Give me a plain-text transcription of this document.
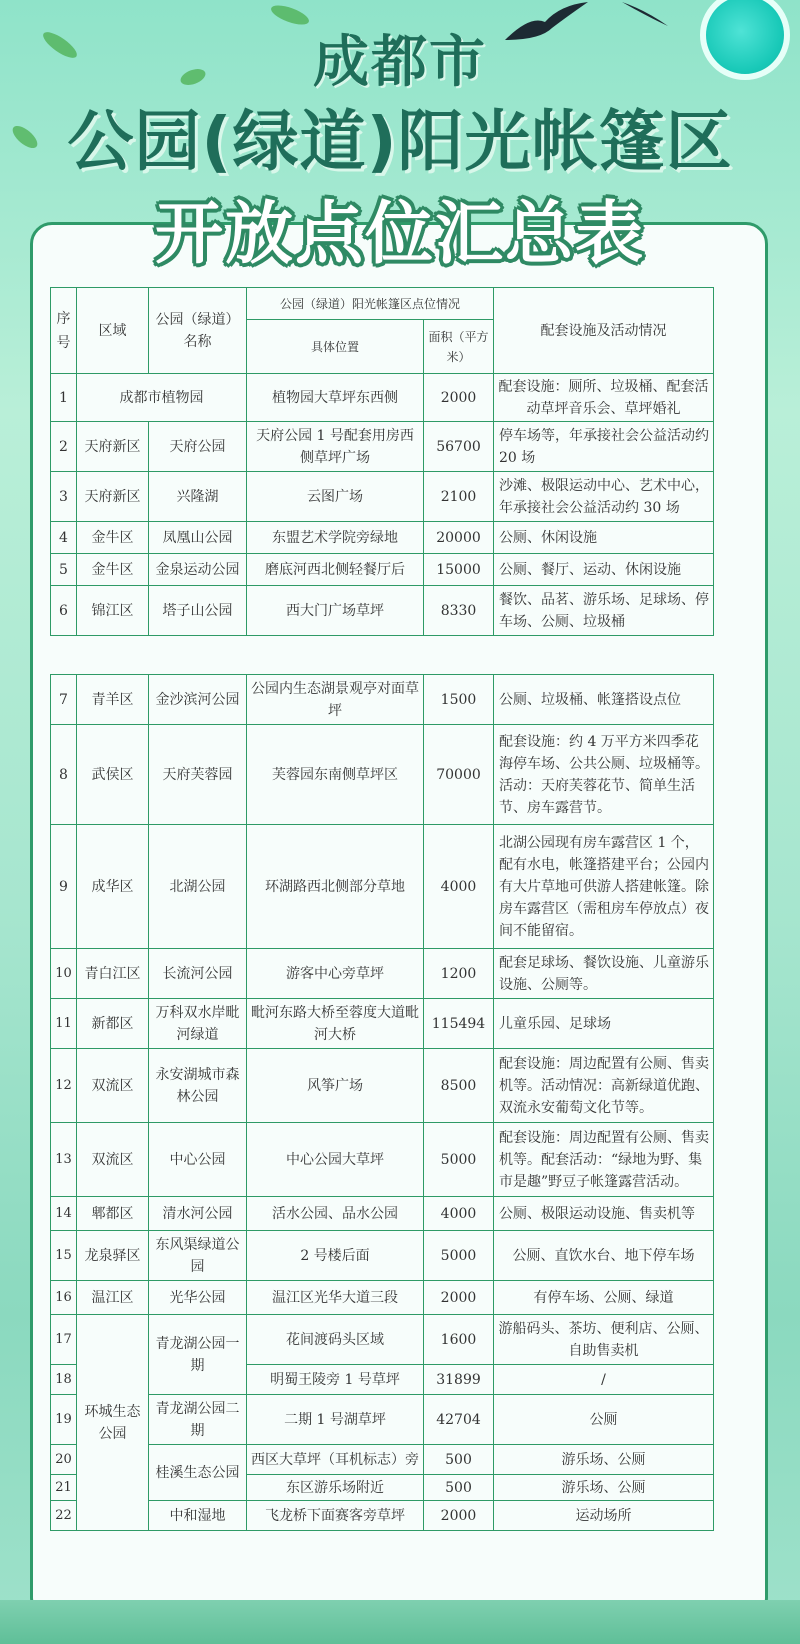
成都市
公园(绿道)阳光帐篷区
开放点位汇总表
序号	区域	公园（绿道）名称	公园（绿道）阳光帐篷区点位情况		配套设施及活动情况
			具体位置	面积（平方米）	
1	成都市植物园		植物园大草坪东西侧	2000	配套设施：厕所、垃圾桶、配套活动草坪音乐会、草坪婚礼
2	天府新区	天府公园	天府公园 1 号配套用房西侧草坪广场	56700	停车场等，年承接社会公益活动约 20 场
3	天府新区	兴隆湖	云图广场	2100	沙滩、极限运动中心、艺术中心，年承接社会公益活动约 30 场
4	金牛区	凤凰山公园	东盟艺术学院旁绿地	20000	公厕、休闲设施
5	金牛区	金泉运动公园	磨底河西北侧轻餐厅后	15000	公厕、餐厅、运动、休闲设施
6	锦江区	塔子山公园	西大门广场草坪	8330	餐饮、品茗、游乐场、足球场、停车场、公厕、垃圾桶
7	青羊区	金沙滨河公园	公园内生态湖景观亭对面草坪	1500	公厕、垃圾桶、帐篷搭设点位
8	武侯区	天府芙蓉园	芙蓉园东南侧草坪区	70000	配套设施：约 4 万平方米四季花海停车场、公共公厕、垃圾桶等。活动：天府芙蓉花节、简单生活节、房车露营节。
9	成华区	北湖公园	环湖路西北侧部分草地	4000	北湖公园现有房车露营区 1 个，配有水电，帐篷搭建平台；公园内有大片草地可供游人搭建帐篷。除房车露营区（需租房车停放点）夜间不能留宿。
10	青白江区	长流河公园	游客中心旁草坪	1200	配套足球场、餐饮设施、儿童游乐设施、公厕等。
11	新都区	万科双水岸毗河绿道	毗河东路大桥至蓉度大道毗河大桥	115494	儿童乐园、足球场
12	双流区	永安湖城市森林公园	风筝广场	8500	配套设施：周边配置有公厕、售卖机等。活动情况：高新绿道优跑、双流永安葡萄文化节等。
13	双流区	中心公园	中心公园大草坪	5000	配套设施：周边配置有公厕、售卖机等。配套活动：“绿地为野、集市是趣”野豆子帐篷露营活动。
14	郫都区	清水河公园	活水公园、品水公园	4000	公厕、极限运动设施、售卖机等
15	龙泉驿区	东风渠绿道公园	2 号楼后面	5000	公厕、直饮水台、地下停车场
16	温江区	光华公园	温江区光华大道三段	2000	有停车场、公厕、绿道
17	环城生态公园	青龙湖公园一期	花间渡码头区域	1600	游船码头、茶坊、便利店、公厕、自助售卖机
18			明蜀王陵旁 1 号草坪	31899	/
19		青龙湖公园二期	二期 1 号湖草坪	42704	公厕
20		桂溪生态公园	西区大草坪（耳机标志）旁	500	游乐场、公厕
21			东区游乐场附近	500	游乐场、公厕
22		中和湿地	飞龙桥下面赛客旁草坪	2000	运动场所
